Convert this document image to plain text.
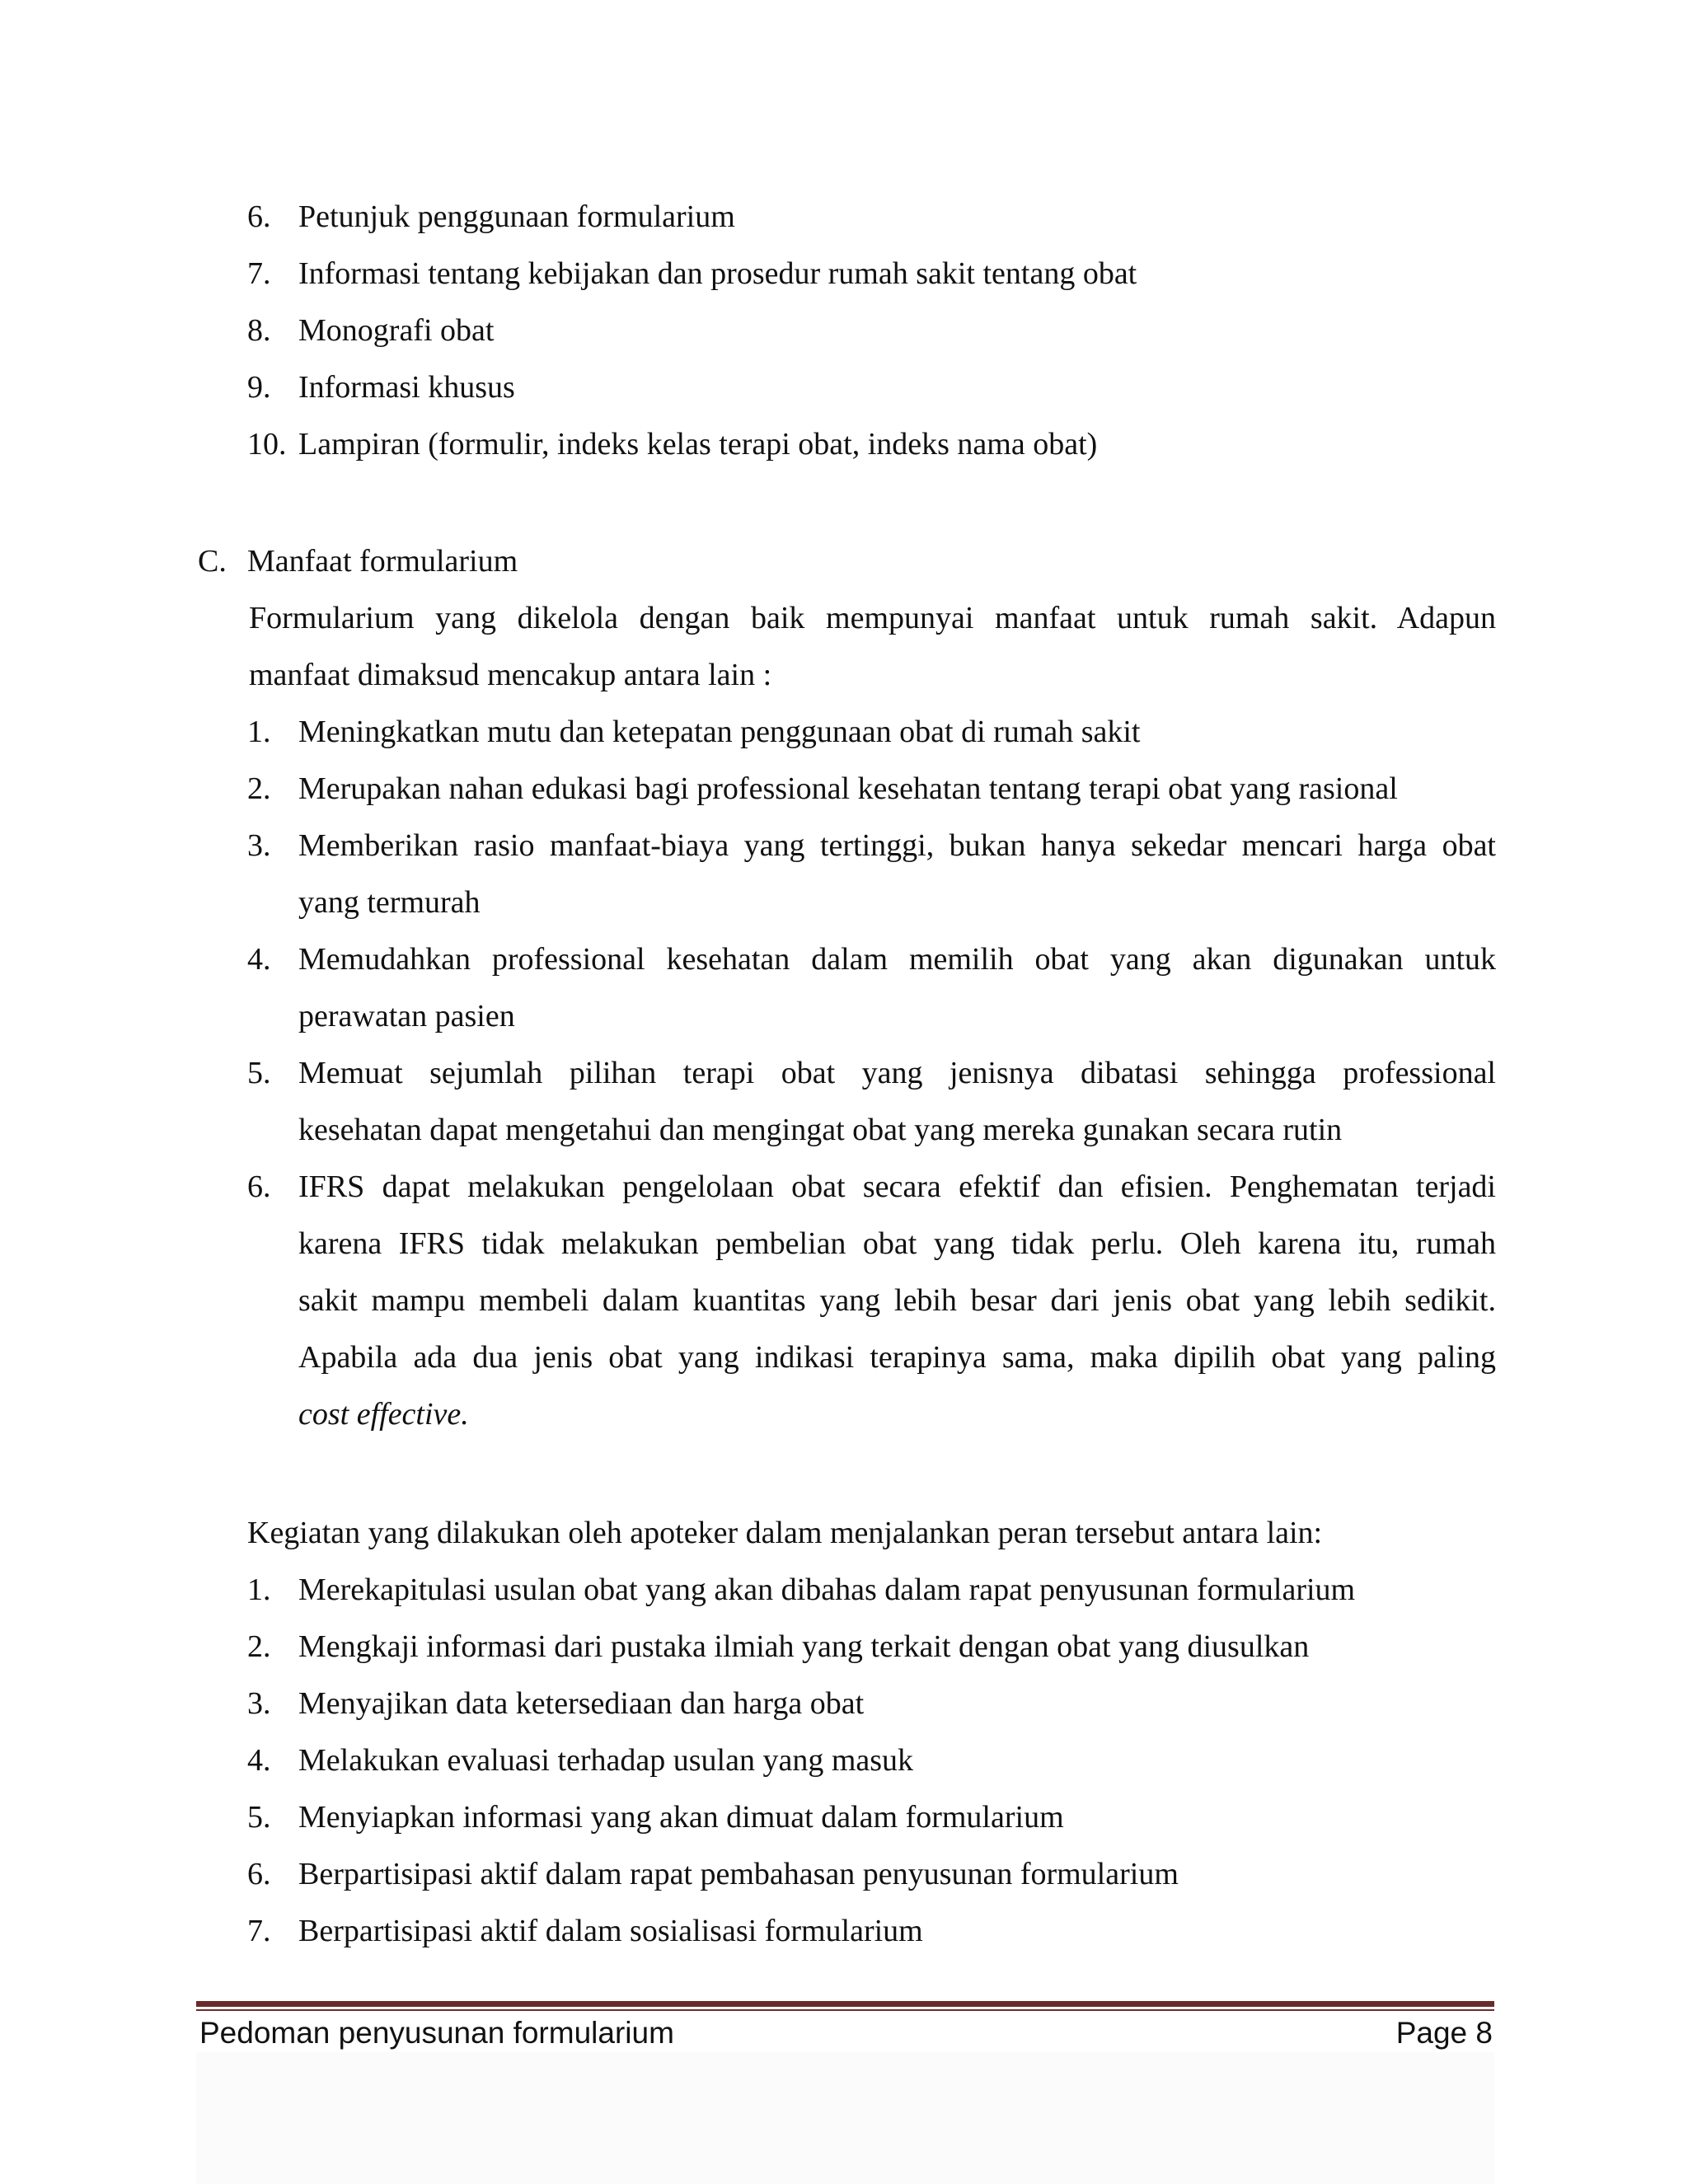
6. Petunjuk penggunaan formularium
7. Informasi tentang kebijakan dan prosedur rumah sakit tentang obat
8. Monografi obat
9. Informasi khusus
10. Lampiran (formulir, indeks kelas terapi obat, indeks nama obat)
C. Manfaat formularium
Formularium yang dikelola dengan baik mempunyai manfaat untuk rumah sakit. Adapun
manfaat dimaksud mencakup antara lain :
1. Meningkatkan mutu dan ketepatan penggunaan obat di rumah sakit
2. Merupakan nahan edukasi bagi professional kesehatan tentang terapi obat yang rasional
3. Memberikan rasio manfaat-biaya yang tertinggi, bukan hanya sekedar mencari harga obat
yang termurah
4. Memudahkan professional kesehatan dalam memilih obat yang akan digunakan untuk
perawatan pasien
5. Memuat sejumlah pilihan terapi obat yang jenisnya dibatasi sehingga professional
kesehatan dapat mengetahui dan mengingat obat yang mereka gunakan secara rutin
6. IFRS dapat melakukan pengelolaan obat secara efektif dan efisien. Penghematan terjadi
karena IFRS tidak melakukan pembelian obat yang tidak perlu. Oleh karena itu, rumah
sakit mampu membeli dalam kuantitas yang lebih besar dari jenis obat yang lebih sedikit.
Apabila ada dua jenis obat yang indikasi terapinya sama, maka dipilih obat yang paling
cost effective.
Kegiatan yang dilakukan oleh apoteker dalam menjalankan peran tersebut antara lain:
1. Merekapitulasi usulan obat yang akan dibahas dalam rapat penyusunan formularium
2. Mengkaji informasi dari pustaka ilmiah yang terkait dengan obat yang diusulkan
3. Menyajikan data ketersediaan dan harga obat
4. Melakukan evaluasi terhadap usulan yang masuk
5. Menyiapkan informasi yang akan dimuat dalam formularium
6. Berpartisipasi aktif dalam rapat pembahasan penyusunan formularium
7. Berpartisipasi aktif dalam sosialisasi formularium
Pedoman penyusunan formularium	Page 8
